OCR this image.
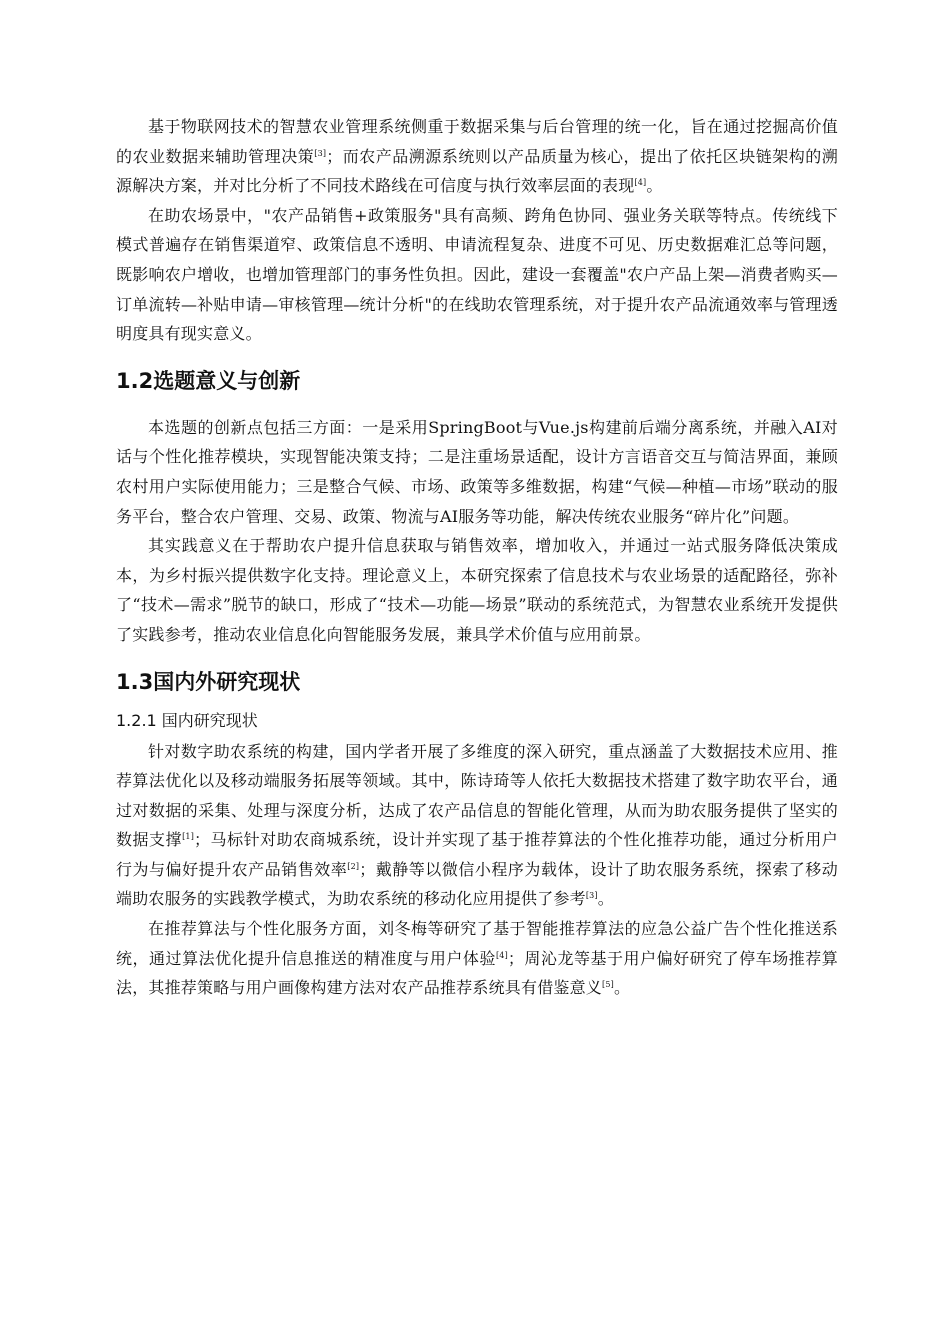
基于物联网技术的智慧农业管理系统侧重于数据采集与后台管理的统一化，旨在通过挖掘高价值的农业数据来辅助管理决策[3]；而农产品溯源系统则以产品质量为核心，提出了依托区块链架构的溯源解决方案，并对比分析了不同技术路线在可信度与执行效率层面的表现[4]。

在助农场景中，"农产品销售+政策服务"具有高频、跨角色协同、强业务关联等特点。传统线下模式普遍存在销售渠道窄、政策信息不透明、申请流程复杂、进度不可见、历史数据难汇总等问题，既影响农户增收，也增加管理部门的事务性负担。因此，建设一套覆盖"农户产品上架—消费者购买—订单流转—补贴申请—审核管理—统计分析"的在线助农管理系统，对于提升农产品流通效率与管理透明度具有现实意义。

1.2选题意义与创新

本选题的创新点包括三方面：一是采用SpringBoot与Vue.js构建前后端分离系统，并融入AI对话与个性化推荐模块，实现智能决策支持；二是注重场景适配，设计方言语音交互与简洁界面，兼顾农村用户实际使用能力；三是整合气候、市场、政策等多维数据，构建“气候—种植—市场”联动的服务平台，整合农户管理、交易、政策、物流与AI服务等功能，解决传统农业服务“碎片化”问题。

其实践意义在于帮助农户提升信息获取与销售效率，增加收入，并通过一站式服务降低决策成本，为乡村振兴提供数字化支持。理论意义上，本研究探索了信息技术与农业场景的适配路径，弥补了“技术—需求”脱节的缺口，形成了“技术—功能—场景”联动的系统范式，为智慧农业系统开发提供了实践参考，推动农业信息化向智能服务发展，兼具学术价值与应用前景。

1.3国内外研究现状
1.2.1 国内研究现状

针对数字助农系统的构建，国内学者开展了多维度的深入研究，重点涵盖了大数据技术应用、推荐算法优化以及移动端服务拓展等领域。其中，陈诗琦等人依托大数据技术搭建了数字助农平台，通过对数据的采集、处理与深度分析，达成了农产品信息的智能化管理，从而为助农服务提供了坚实的数据支撑[1]；马标针对助农商城系统，设计并实现了基于推荐算法的个性化推荐功能，通过分析用户行为与偏好提升农产品销售效率[2]；戴静等以微信小程序为载体，设计了助农服务系统，探索了移动端助农服务的实践教学模式，为助农系统的移动化应用提供了参考[3]。

在推荐算法与个性化服务方面，刘冬梅等研究了基于智能推荐算法的应急公益广告个性化推送系统，通过算法优化提升信息推送的精准度与用户体验[4]；周沁龙等基于用户偏好研究了停车场推荐算法，其推荐策略与用户画像构建方法对农产品推荐系统具有借鉴意义[5]。
